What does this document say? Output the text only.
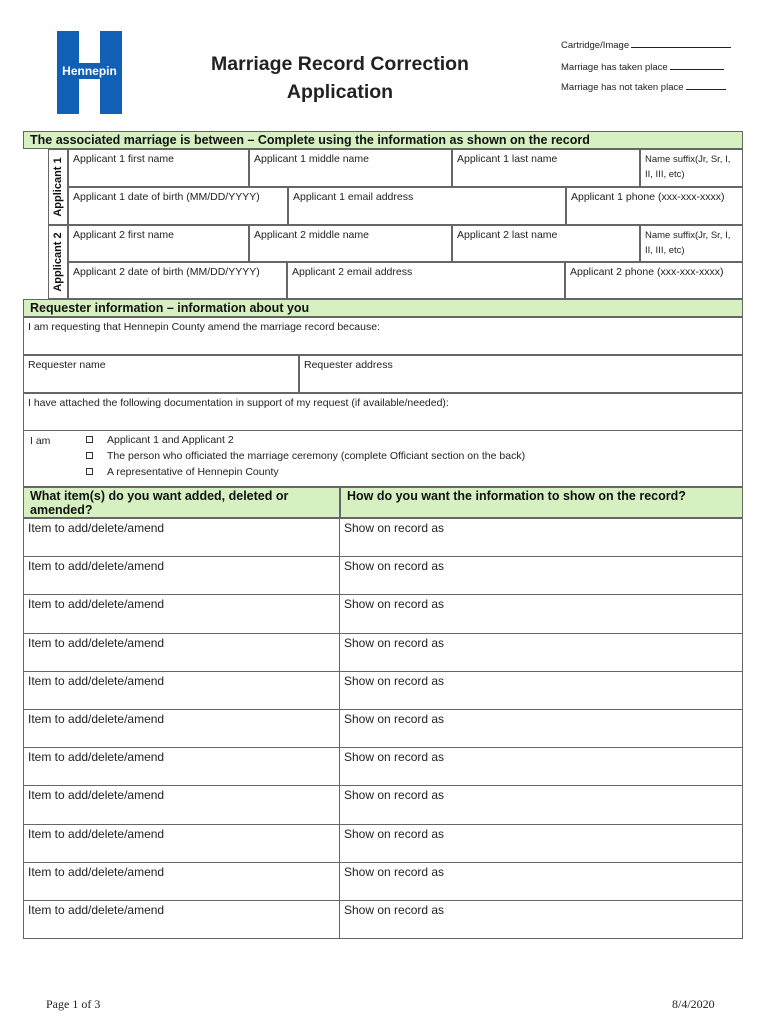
Hennepin	Marriage Record Correction
Application
Cartridge/Image
Marriage has taken place
Marriage has not taken place
The associated marriage is between – Complete using the information as shown on the record
Applicant 1
Applicant 2
Applicant 1 first name	Applicant 1 middle name	Applicant 1 last name	Name suffix(Jr, Sr, I, II, III, etc)
Applicant 1 date of birth (MM/DD/YYYY)	Applicant 1 email address	Applicant 1 phone (xxx-xxx-xxxx)
Applicant 2 first name	Applicant 2 middle name	Applicant 2 last name	Name suffix(Jr, Sr, I, II, III, etc)
Applicant 2 date of birth (MM/DD/YYYY)	Applicant 2 email address	Applicant 2 phone (xxx-xxx-xxxx)
Requester information – information about you
I am requesting that Hennepin County amend the marriage record because:
Requester name	Requester address
I have attached the following documentation in support of my request (if available/needed):
I am	Applicant 1 and Applicant 2
The person who officiated the marriage ceremony (complete Officiant section on the back)
A representative of Hennepin County
What item(s) do you want added, deleted or amended?
How do you want the information to show on the record?
Item to add/delete/amend	Show on record as
Item to add/delete/amend	Show on record as
Item to add/delete/amend	Show on record as
Item to add/delete/amend	Show on record as
Item to add/delete/amend	Show on record as
Item to add/delete/amend	Show on record as
Item to add/delete/amend	Show on record as
Item to add/delete/amend	Show on record as
Item to add/delete/amend	Show on record as
Item to add/delete/amend	Show on record as
Item to add/delete/amend	Show on record as
Page 1 of 3	8/4/2020
